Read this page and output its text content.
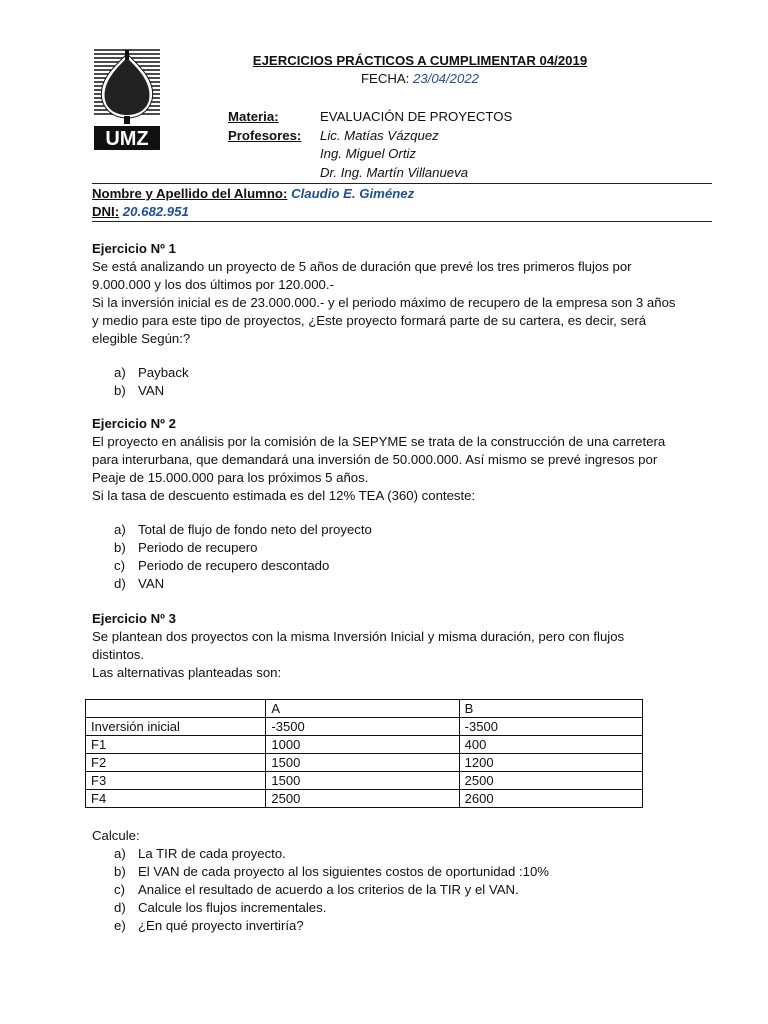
UMZ
EJERCICIOS PRÁCTICOS A CUMPLIMENTAR 04/2019
FECHA: 23/04/2022
Materia:	EVALUACIÓN DE PROYECTOS
Profesores: Lic. Matías Vázquez
Ing. Miguel Ortiz
Dr. Ing. Martín Villanueva
Nombre y Apellido del Alumno: Claudio E. Giménez
DNI: 20.682.951
Ejercicio Nº 1
Se está analizando un proyecto de 5 años de duración que prevé los tres primeros flujos por
9.000.000 y los dos últimos por 120.000.-
Si la inversión inicial es de 23.000.000.- y el periodo máximo de recupero de la empresa son 3 años
y medio para este tipo de proyectos, ¿Este proyecto formará parte de su cartera, es decir, será
elegible Según:?
a) Payback
b) VAN
Ejercicio Nº 2
El proyecto en análisis por la comisión de la SEPYME se trata de la construcción de una carretera
para interurbana, que demandará una inversión de 50.000.000. Así mismo se prevé ingresos por
Peaje de 15.000.000 para los próximos 5 años.
Si la tasa de descuento estimada es del 12% TEA (360) conteste:
a) Total de flujo de fondo neto del proyecto
b) Periodo de recupero
c) Periodo de recupero descontado
d) VAN
Ejercicio Nº 3
Se plantean dos proyectos con la misma Inversión Inicial y misma duración, pero con flujos
distintos.
Las alternativas planteadas son:
	A	B
Inversión inicial	-3500	-3500
F1	1000	400
F2	1500	1200
F3	1500	2500
F4	2500	2600
Calcule:
a) La TIR de cada proyecto.
b) El VAN de cada proyecto al los siguientes costos de oportunidad :10%
c) Analice el resultado de acuerdo a los criterios de la TIR y el VAN.
d) Calcule los flujos incrementales.
e) ¿En qué proyecto invertiría?
